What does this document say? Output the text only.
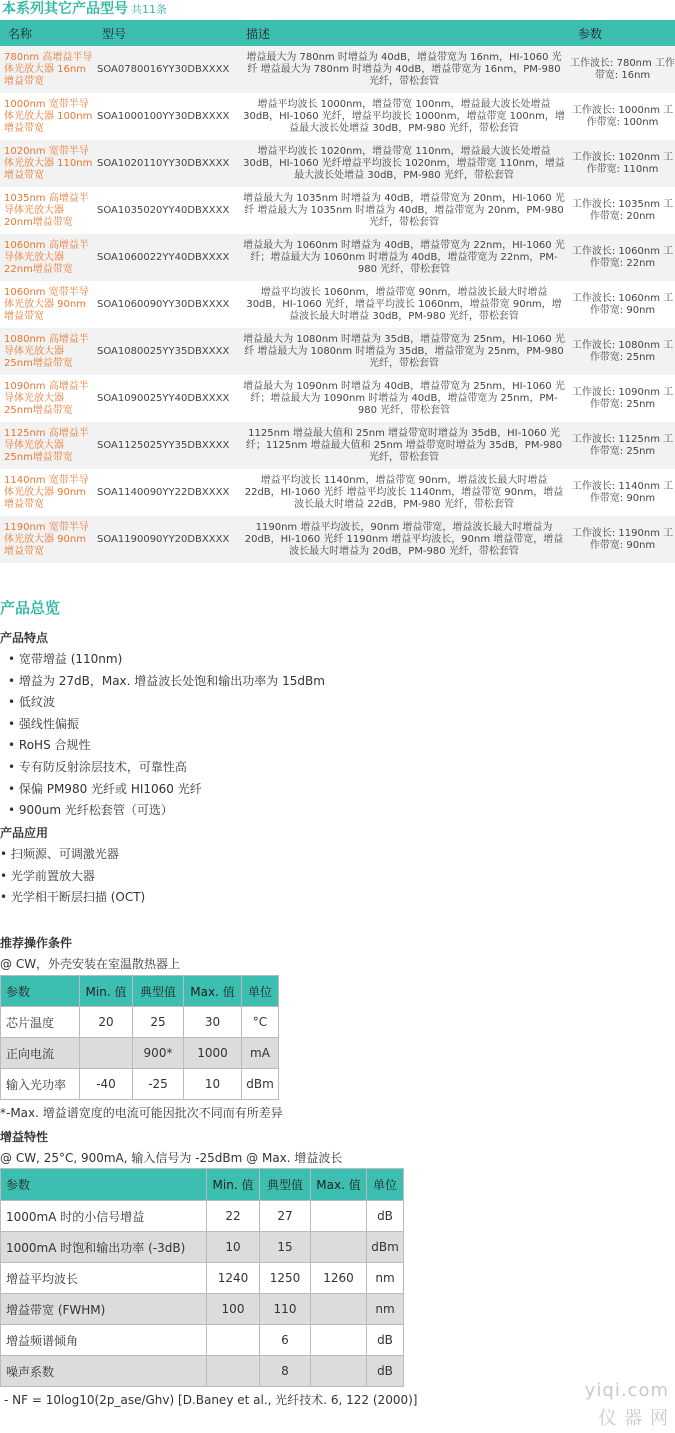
本系列其它产品型号 共11条
名称	型号	描述	参数
780nm 高增益半导体光放大器 16nm增益带宽	SOA0780016YY30DBXXXX	增益最大为 780nm 时增益为 40dB，增益带宽为 16nm，HI-1060 光纤 增益最大为 780nm 时增益为 40dB，增益带宽为 16nm，PM-980 光纤，带松套管	工作波长: 780nm 工作带宽: 16nm
1000nm 宽带半导体光放大器 100nm增益带宽	SOA1000100YY30DBXXXX	增益平均波长 1000nm，增益带宽 100nm，增益最大波长处增益 30dB，HI-1060 光纤，增益平均波长 1000nm，增益带宽 100nm，增益最大波长处增益 30dB，PM-980 光纤，带松套管	工作波长: 1000nm 工作带宽: 100nm
1020nm 宽带半导体光放大器 110nm增益带宽	SOA1020110YY30DBXXXX	增益平均波长 1020nm，增益带宽 110nm，增益最大波长处增益 30dB，HI-1060 光纤增益平均波长 1020nm，增益带宽 110nm，增益最大波长处增益 30dB，PM-980 光纤，带松套管	工作波长: 1020nm 工作带宽: 110nm
1035nm 高增益半导体光放大器 20nm增益带宽	SOA1035020YY40DBXXXX	增益最大为 1035nm 时增益为 40dB，增益带宽为 20nm，HI-1060 光纤 增益最大为 1035nm 时增益为 40dB，增益带宽为 20nm，PM-980 光纤，带松套管	工作波长: 1035nm 工作带宽: 20nm
1060nm 高增益半导体光放大器 22nm增益带宽	SOA1060022YY40DBXXXX	增益最大为 1060nm 时增益为 40dB，增益带宽为 22nm，HI-1060 光纤；增益最大为 1060nm 时增益为 40dB，增益带宽为 22nm，PM-980 光纤，带松套管	工作波长: 1060nm 工作带宽: 22nm
1060nm 宽带半导体光放大器 90nm增益带宽	SOA1060090YY30DBXXXX	增益平均波长 1060nm，增益带宽 90nm，增益波长最大时增益 30dB，HI-1060 光纤，增益平均波长 1060nm，增益带宽 90nm，增益波长最大时增益 30dB，PM-980 光纤，带松套管	工作波长: 1060nm 工作带宽: 90nm
1080nm 高增益半导体光放大器 25nm增益带宽	SOA1080025YY35DBXXXX	增益最大为 1080nm 时增益为 35dB，增益带宽为 25nm，HI-1060 光纤 增益最大为 1080nm 时增益为 35dB，增益带宽为 25nm，PM-980 光纤，带松套管	工作波长: 1080nm 工作带宽: 25nm
1090nm 高增益半导体光放大器 25nm增益带宽	SOA1090025YY40DBXXXX	增益最大为 1090nm 时增益为 40dB，增益带宽为 25nm，HI-1060 光纤；增益最大为 1090nm 时增益为 40dB，增益带宽为 25nm，PM-980 光纤，带松套管	工作波长: 1090nm 工作带宽: 25nm
1125nm 高增益半导体光放大器 25nm增益带宽	SOA1125025YY35DBXXXX	1125nm 增益最大值和 25nm 增益带宽时增益为 35dB，HI-1060 光纤；1125nm 增益最大值和 25nm 增益带宽时增益为 35dB，PM-980 光纤，带松套管	工作波长: 1125nm 工作带宽: 25nm
1140nm 宽带半导体光放大器 90nm增益带宽	SOA1140090YY22DBXXXX	增益平均波长 1140nm，增益带宽 90nm，增益波长最大时增益 22dB，HI-1060 光纤 增益平均波长 1140nm，增益带宽 90nm，增益波长最大时增益 22dB，PM-980 光纤，带松套管	工作波长: 1140nm 工作带宽: 90nm
1190nm 宽带半导体光放大器 90nm增益带宽	SOA1190090YY20DBXXXX	1190nm 增益平均波长，90nm 增益带宽，增益波长最大时增益为 20dB，HI-1060 光纤 1190nm 增益平均波长，90nm 增益带宽，增益波长最大时增益为 20dB，PM-980 光纤，带松套管	工作波长: 1190nm 工作带宽: 90nm
产品总览
产品特点
• 宽带增益 (110nm)
• 增益为 27dB，Max. 增益波长处饱和输出功率为 15dBm
• 低纹波
• 强线性偏振
• RoHS 合规性
• 专有防反射涂层技术，可靠性高
• 保偏 PM980 光纤或 HI1060 光纤
• 900um 光纤松套管（可选）
产品应用
• 扫频源、可调激光器
• 光学前置放大器
• 光学相干断层扫描 (OCT)
推荐操作条件
@ CW，外壳安装在室温散热器上
参数	Min. 值	典型值	Max. 值	单位
芯片温度	20	25	30	°C
正向电流		900*	1000	mA
输入光功率	-40	-25	10	dBm
*-Max. 增益谱宽度的电流可能因批次不同而有所差异
增益特性
@ CW, 25°C, 900mA, 输入信号为 -25dBm @ Max. 增益波长
参数	Min. 值	典型值	Max. 值	单位
1000mA 时的小信号增益	22	27		dB
1000mA 时饱和输出功率 (-3dB)	10	15		dBm
增益平均波长	1240	1250	1260	nm
增益带宽 (FWHM)	100	110		nm
增益频谱倾角		6		dB
噪声系数		8		dB
- NF = 10log10(2p_ase/Ghv) [D.Baney et al., 光纤技术. 6, 122 (2000)]	yiqi.com
仪 器 网
